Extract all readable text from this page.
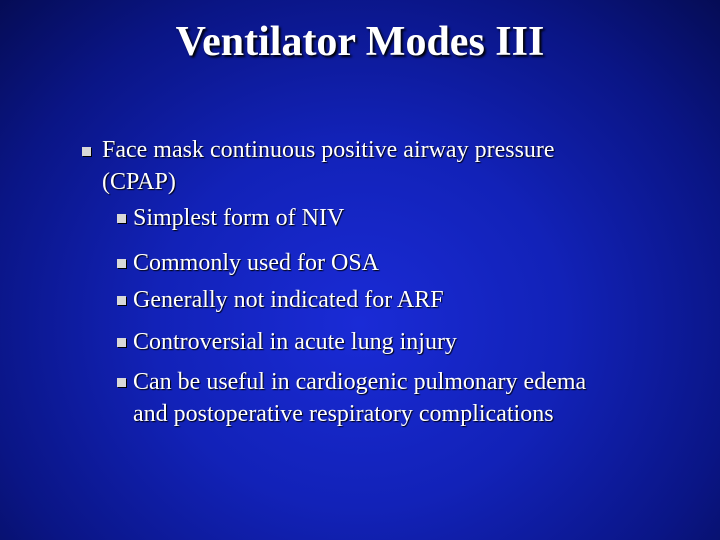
Ventilator Modes III
Face mask continuous positive airway pressure
(CPAP)
Simplest form of NIV
Commonly used for OSA
Generally not indicated for ARF
Controversial in acute lung injury
Can be useful in cardiogenic pulmonary edema
and postoperative respiratory complications
